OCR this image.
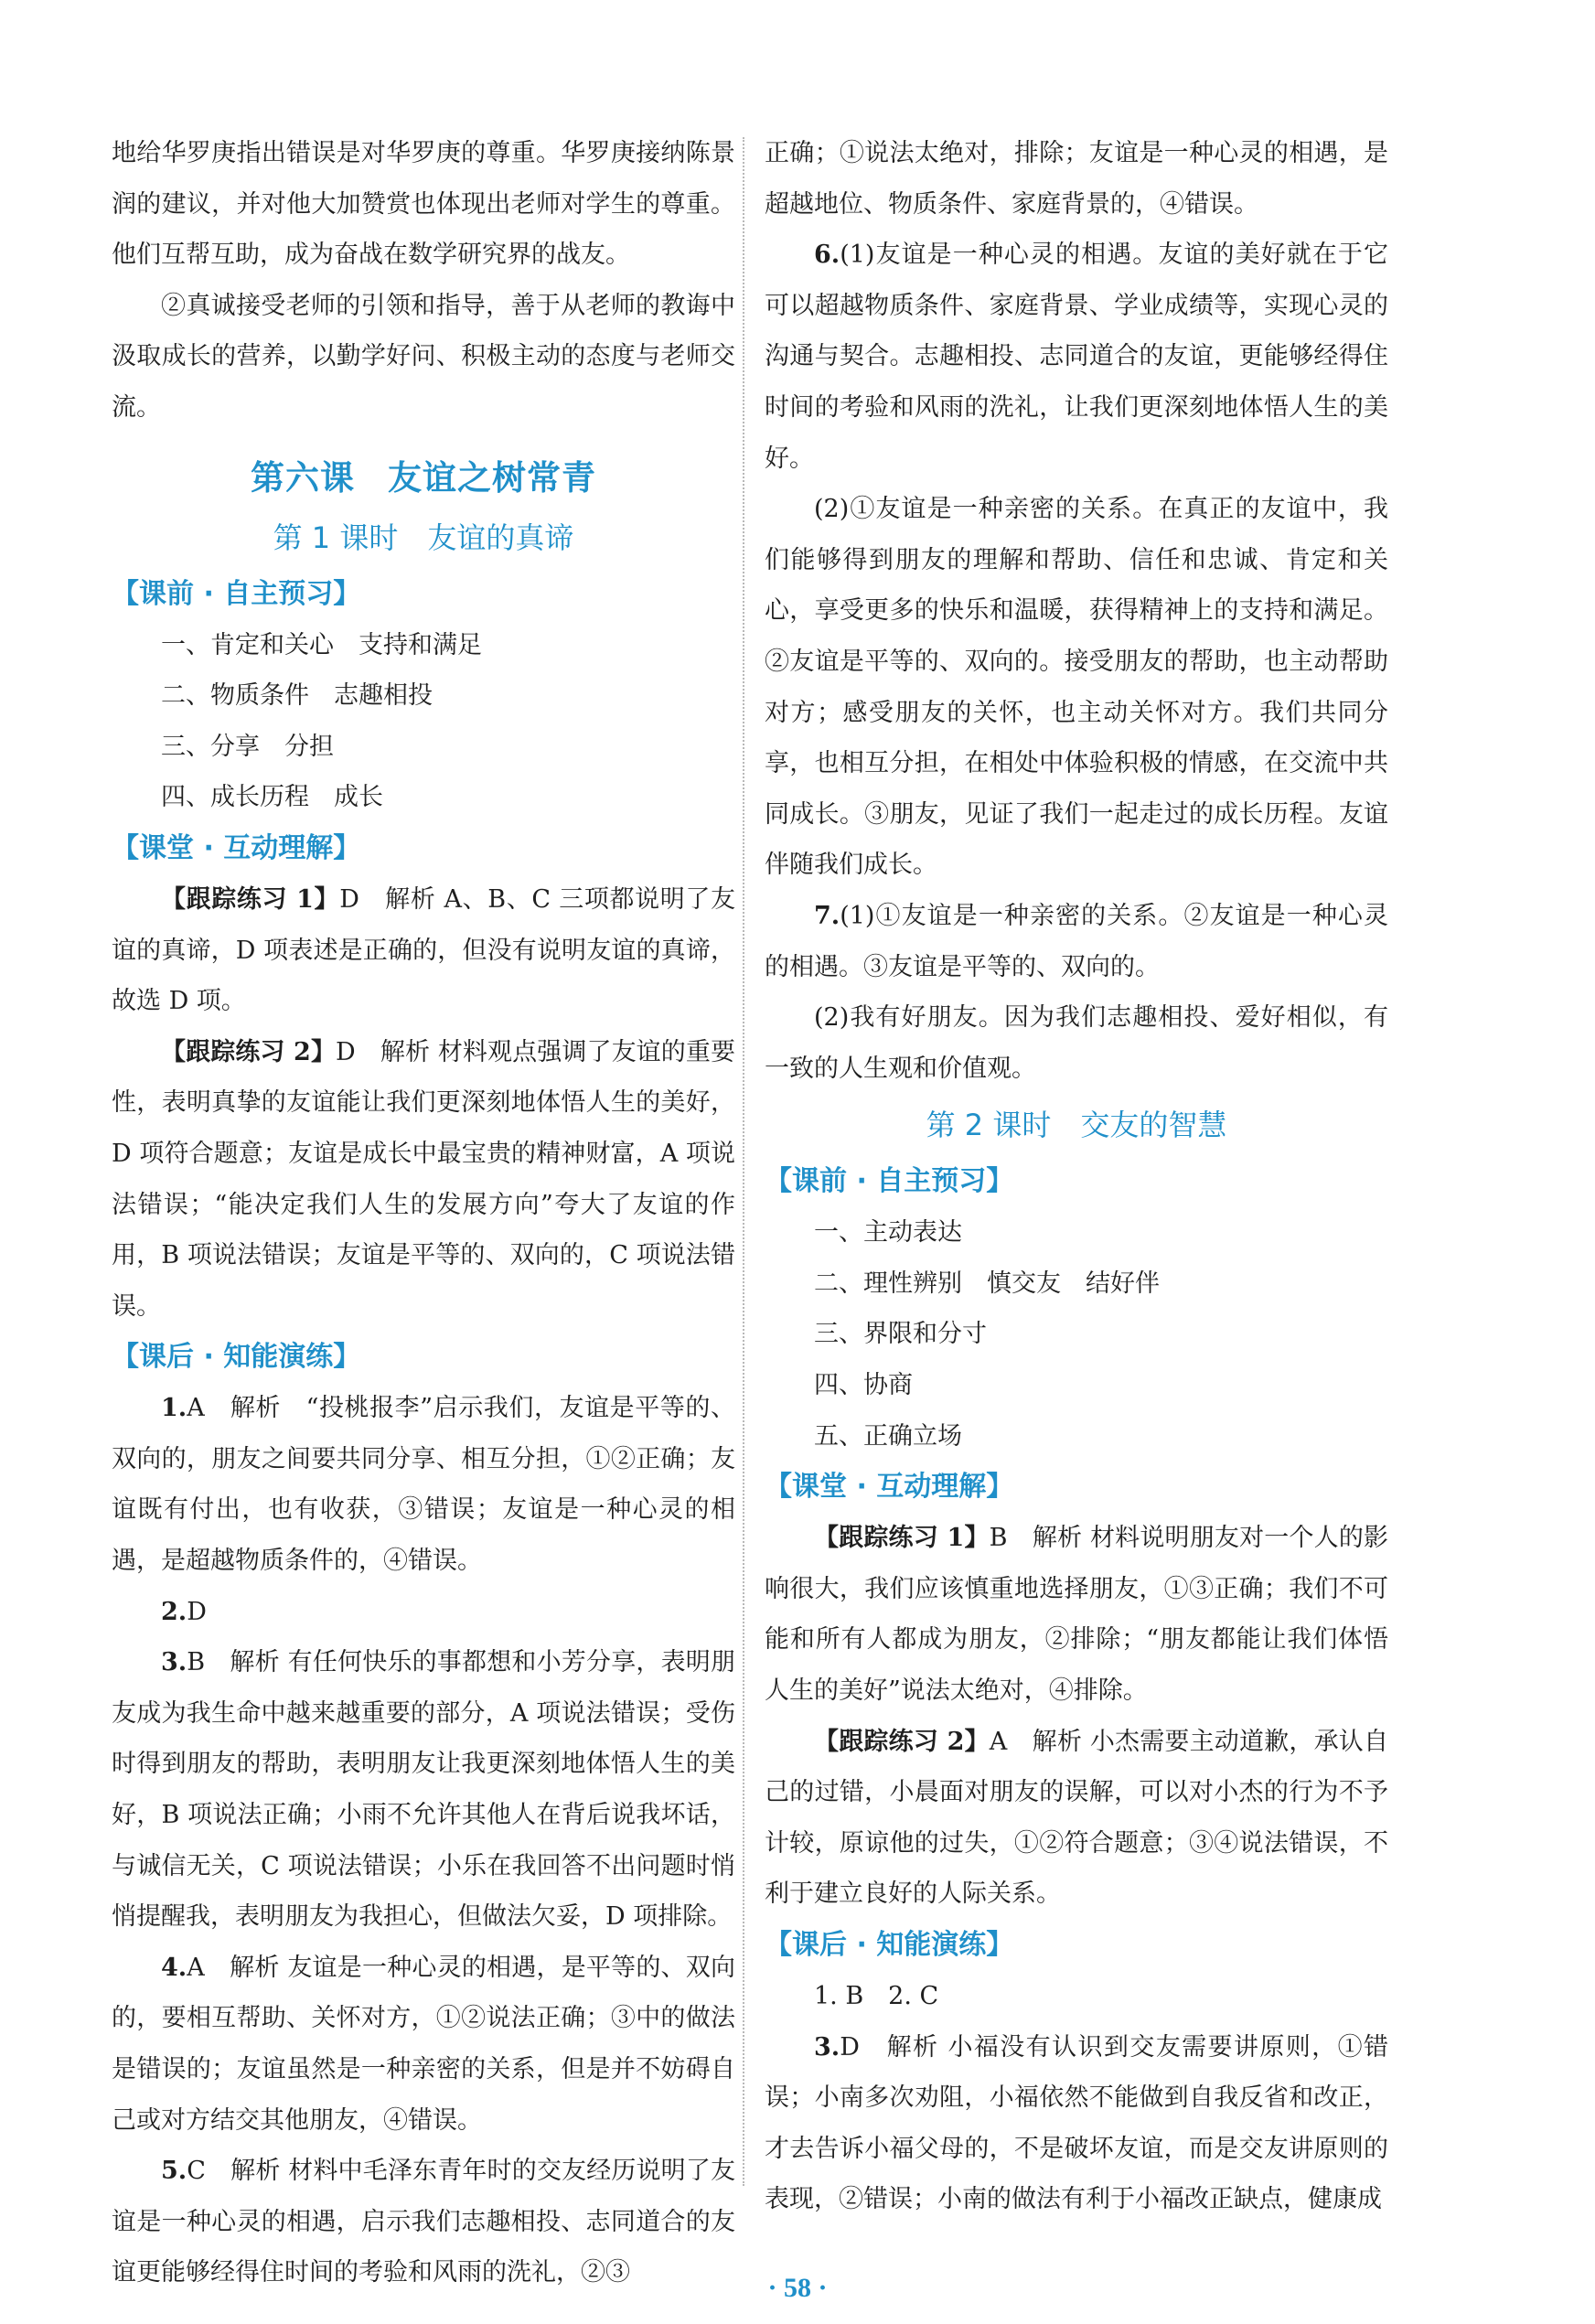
地给华罗庚指出错误是对华罗庚的尊重。华罗庚接纳陈景润的建议，并对他大加赞赏也体现出老师对学生的尊重。他们互帮互助，成为奋战在数学研究界的战友。

②真诚接受老师的引领和指导，善于从老师的教诲中汲取成长的营养，以勤学好问、积极主动的态度与老师交流。

第六课 友谊之树常青
第 1 课时 友谊的真谛
【课前 · 自主预习】
一、肯定和关心　支持和满足
二、物质条件　志趣相投
三、分享　分担
四、成长历程　成长
【课堂 · 互动理解】

【跟踪练习 1】D　解析 A、B、C 三项都说明了友谊的真谛，D 项表述是正确的，但没有说明友谊的真谛，故选 D 项。

【跟踪练习 2】D　解析 材料观点强调了友谊的重要性，表明真挚的友谊能让我们更深刻地体悟人生的美好，D 项符合题意；友谊是成长中最宝贵的精神财富，A 项说法错误；“能决定我们人生的发展方向”夸大了友谊的作用，B 项说法错误；友谊是平等的、双向的，C 项说法错误。

【课后 · 知能演练】

1.A　解析　“投桃报李”启示我们，友谊是平等的、双向的，朋友之间要共同分享、相互分担，①②正确；友谊既有付出，也有收获，③错误；友谊是一种心灵的相遇，是超越物质条件的，④错误。

2.D

3.B　解析 有任何快乐的事都想和小芳分享，表明朋友成为我生命中越来越重要的部分，A 项说法错误；受伤时得到朋友的帮助，表明朋友让我更深刻地体悟人生的美好，B 项说法正确；小雨不允许其他人在背后说我坏话，与诚信无关，C 项说法错误；小乐在我回答不出问题时悄悄提醒我，表明朋友为我担心，但做法欠妥，D 项排除。

4.A　解析 友谊是一种心灵的相遇，是平等的、双向的，要相互帮助、关怀对方，①②说法正确；③中的做法是错误的；友谊虽然是一种亲密的关系，但是并不妨碍自己或对方结交其他朋友，④错误。

5.C　解析 材料中毛泽东青年时的交友经历说明了友谊是一种心灵的相遇，启示我们志趣相投、志同道合的友谊更能够经得住时间的考验和风雨的洗礼，②③

正确；①说法太绝对，排除；友谊是一种心灵的相遇，是超越地位、物质条件、家庭背景的，④错误。

6.(1)友谊是一种心灵的相遇。友谊的美好就在于它可以超越物质条件、家庭背景、学业成绩等，实现心灵的沟通与契合。志趣相投、志同道合的友谊，更能够经得住时间的考验和风雨的洗礼，让我们更深刻地体悟人生的美好。

(2)①友谊是一种亲密的关系。在真正的友谊中，我们能够得到朋友的理解和帮助、信任和忠诚、肯定和关心，享受更多的快乐和温暖，获得精神上的支持和满足。②友谊是平等的、双向的。接受朋友的帮助，也主动帮助对方；感受朋友的关怀，也主动关怀对方。我们共同分享，也相互分担，在相处中体验积极的情感，在交流中共同成长。③朋友，见证了我们一起走过的成长历程。友谊伴随我们成长。

7.(1)①友谊是一种亲密的关系。②友谊是一种心灵的相遇。③友谊是平等的、双向的。

(2)我有好朋友。因为我们志趣相投、爱好相似，有一致的人生观和价值观。

第 2 课时 交友的智慧
【课前 · 自主预习】
一、主动表达
二、理性辨别　慎交友　结好伴
三、界限和分寸
四、协商
五、正确立场
【课堂 · 互动理解】

【跟踪练习 1】B　解析 材料说明朋友对一个人的影响很大，我们应该慎重地选择朋友，①③正确；我们不可能和所有人都成为朋友，②排除；“朋友都能让我们体悟人生的美好”说法太绝对，④排除。

【跟踪练习 2】A　解析 小杰需要主动道歉，承认自己的过错，小晨面对朋友的误解，可以对小杰的行为不予计较，原谅他的过失，①②符合题意；③④说法错误，不利于建立良好的人际关系。

【课后 · 知能演练】

1. B　2. C

3.D　解析 小福没有认识到交友需要讲原则，①错误；小南多次劝阻，小福依然不能做到自我反省和改正，才去告诉小福父母的，不是破坏友谊，而是交友讲原则的表现，②错误；小南的做法有利于小福改正缺点，健康成

· 58 ·
